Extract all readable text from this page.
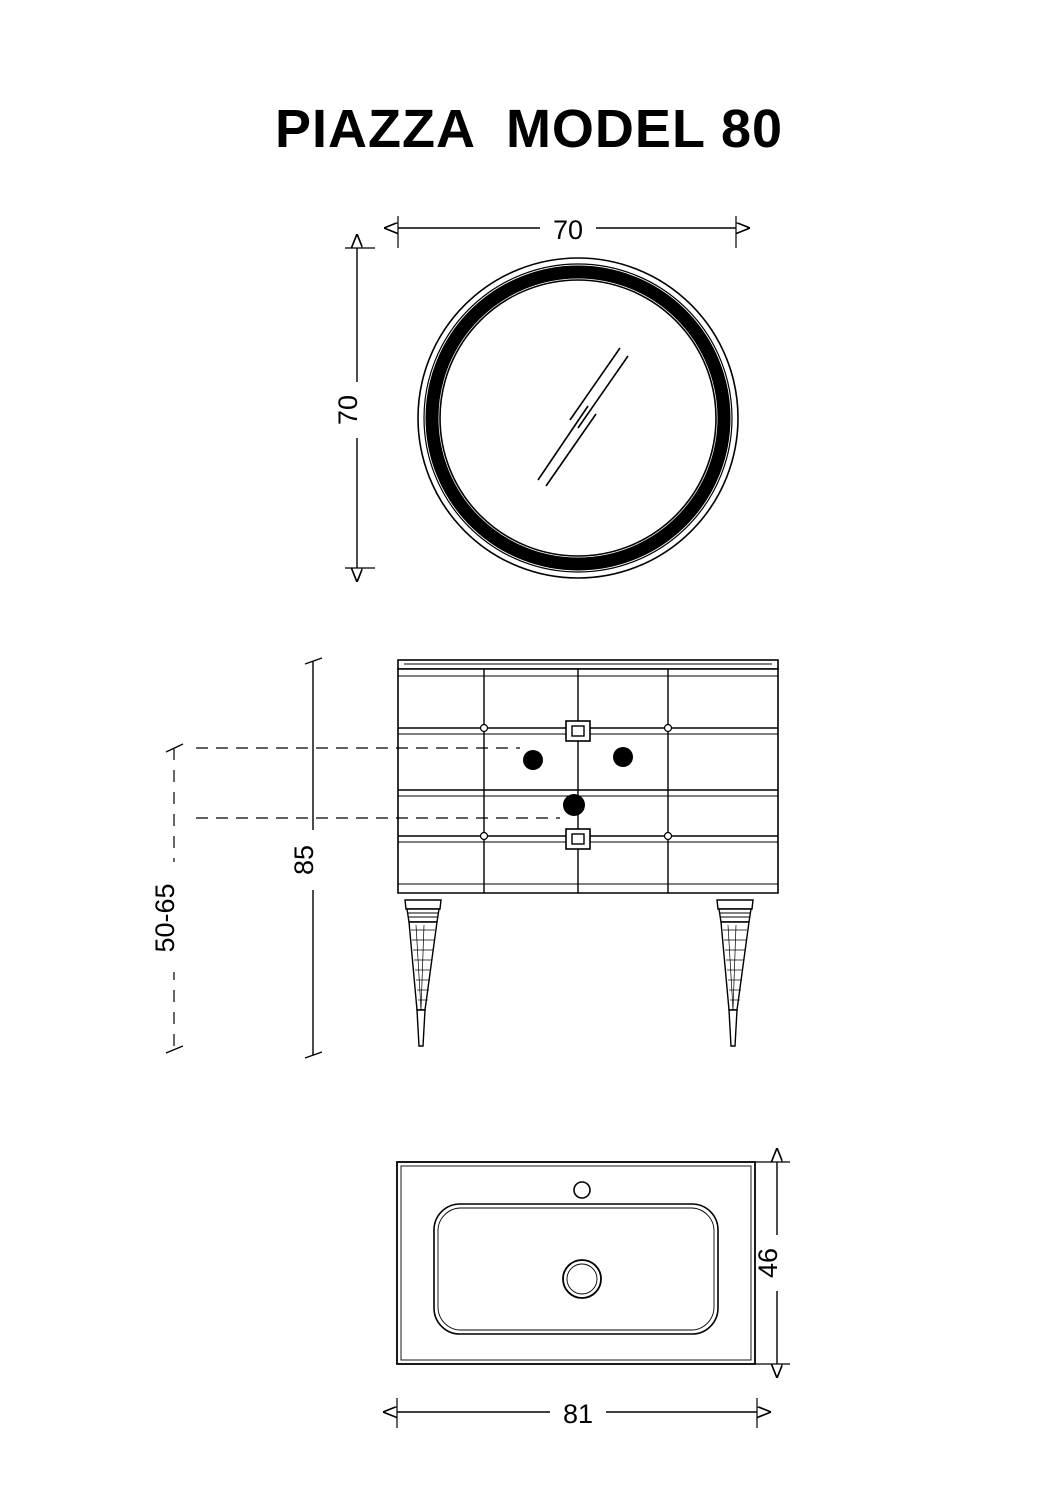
PIAZZA  MODEL 80
70
70
85
50-65
46
81
